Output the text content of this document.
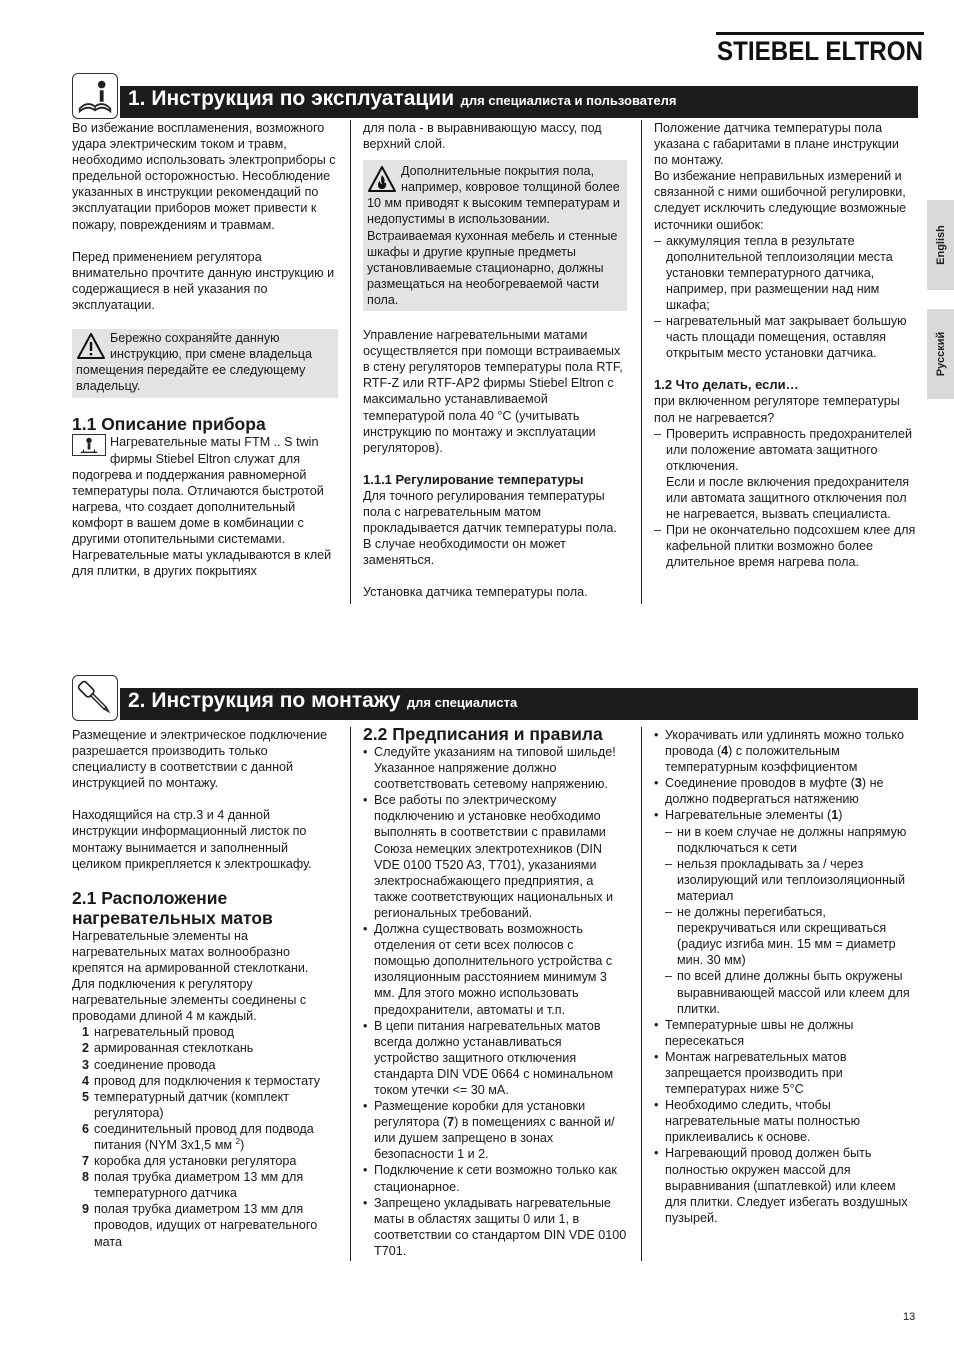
STIEBEL ELTRON
English
Русский
1. Инструкция по эксплуатации для специалиста и пользователя

Во избежание воспламенения, возможного удара электрическим током и травм, необходимо использовать электроприборы с предельной осторожностью. Несоблюдение указанных в инструкции рекомендаций по эксплуатации приборов может привести к пожару, повреждениям и травмам.

Перед применением регулятора внимательно прочтите данную инструкцию и содержащиеся в ней указания по эксплуатации.

Бережно сохраняйте данную инструкцию, при смене владельца помещения передайте ее следующему владельцу.

1.1 Описание прибора

Нагревательные маты FTM .. S twin фирмы Stiebel Eltron служат для подогрева и поддержания равномерной температуры пола. Отличаются быстротой нагрева, что создает дополнительный комфорт в вашем доме в комбинации с другими отопительными системами.

Нагревательные маты укладываются в клей для плитки, в других покрытиях

для пола - в выравнивающую массу, под верхний слой.

Дополнительные покрытия пола, например, ковровое толщиной более 10 мм приводят к высоким температурам и недопустимы в использовании. Встраиваемая кухонная мебель и стенные шкафы и другие крупные предметы установливаемые стационарно, должны размещаться на необогреваемой части пола.

Управление нагревательными матами осуществляется при помощи встраиваемых в стену регуляторов температуры пола RTF, RTF-Z или RTF-AP2 фирмы Stiebel Eltron с максимально устанавливаемой температурой пола 40 °C (учитывать инструкцию по монтажу и эксплуатации регуляторов).

1.1.1 Регулирование температуры

Для точного регулирования температуры пола с нагревательным матом прокладывается датчик температуры пола. В случае необходимости он может заменяться.

Установка датчика температуры пола.

Положение датчика температуры пола указана с габаритами в плане инструкции по монтажу.

Во избежание неправильных измерений и связанной с ними ошибочной регулировки, следует исключить следующие возможные источники ошибок:

– аккумуляция тепла в результате дополнительной теплоизоляции места установки температурного датчика, например, при размещении над ним шкафа;
– нагревательный мат закрывает большую часть площади помещения, оставляя открытым место установки датчика.
1.2 Что делать, если…

при включенном регуляторе температуры пол не нагревается?

– Проверить исправность предохранителей или положение автомата защитного отключения.
Если и после включения предохранителя или автомата защитного отключения пол не нагревается, вызвать специалиста.
– При не окончательно подсохшем клее для кафельной плитки возможно более длительное время нагрева пола.
2. Инструкция по монтажу для специалиста

Размещение и электрическое подключение разрешается производить только специалисту в соответствии с данной инструкцией по монтажу.

Находящийся на стр.3 и 4 данной инструкции информационный листок по монтажу вынимается и заполненный целиком прикрепляется к электрошкафу.

2.1 Расположение нагревательных матов

Нагревательные элементы на нагревательных матах волнообразно крепятся на армированной стеклоткани.

Для подключения к регулятору нагревательные элементы соединены с проводами длиной 4 м каждый.

1 нагревательный провод
2 армированная стеклоткань
3 соединение провода
4 провод для подключения к термостату
5 температурный датчик (комплект регулятора)
6 соединительный провод для подвода питания (NYM 3x1,5 мм $^2$)
7 коробка для установки регулятора
8 полая трубка диаметром 13 мм для температурного датчика
9 полая трубка диаметром 13 мм для проводов, идущих от нагревательного мата
2.2 Предписания и правила
• Следуйте указаниям на типовой шильде! Указанное напряжение должно соответствовать сетевому напряжению.
• Все работы по электрическому подключению и установке необходимо выполнять в соответствии с правилами Союза немецких электротехников (DIN VDE 0100 T520 A3, T701), указаниями электроснабжающего предприятия, а также соответствующих национальных и региональных требований.
• Должна существовать возможность отделения от сети всех полюсов с помощью дополнительного устройства с изоляционным расстоянием минимум 3 мм. Для этого можно использовать предохранители, автоматы и т.п.
• В цепи питания нагревательных матов всегда должно устанавливаться устройство защитного отключения стандарта DIN VDE 0664 с номинальном током утечки <= 30 мА.
• Размещение коробки для установки регулятора (7) в помещениях с ванной и/или душем запрещено в зонах безопасности 1 и 2.
• Подключение к сети возможно только как стационарное.
• Запрещено укладывать нагревательные маты в областях защиты 0 или 1, в соответствии со стандартом DIN VDE 0100 T701.
• Укорачивать или удлинять можно только провода (4) с положительным температурным коэффициентом
• Соединение проводов в муфте (3) не должно подвергаться натяжению
• Нагревательные элементы (1)
– ни в коем случае не должны напрямую подключаться к сети
– нельзя прокладывать за / через изолирующий или теплоизоляционный материал
– не должны перегибаться, перекручиваться или скрещиваться (радиус изгиба мин. 15 мм = диаметр мин. 30 мм)
– по всей длине должны быть окружены выравнивающей массой или клеем для плитки.
• Температурные швы не должны пересекаться
• Монтаж нагревательных матов запрещается производить при температурах ниже 5°C
• Необходимо следить, чтобы нагревательные маты полностью приклеивались к основе.
• Нагревающий провод должен быть полностью окружен массой для выравнивания (шпатлевкой) или клеем для плитки. Следует избегать воздушных пузырей.
13
